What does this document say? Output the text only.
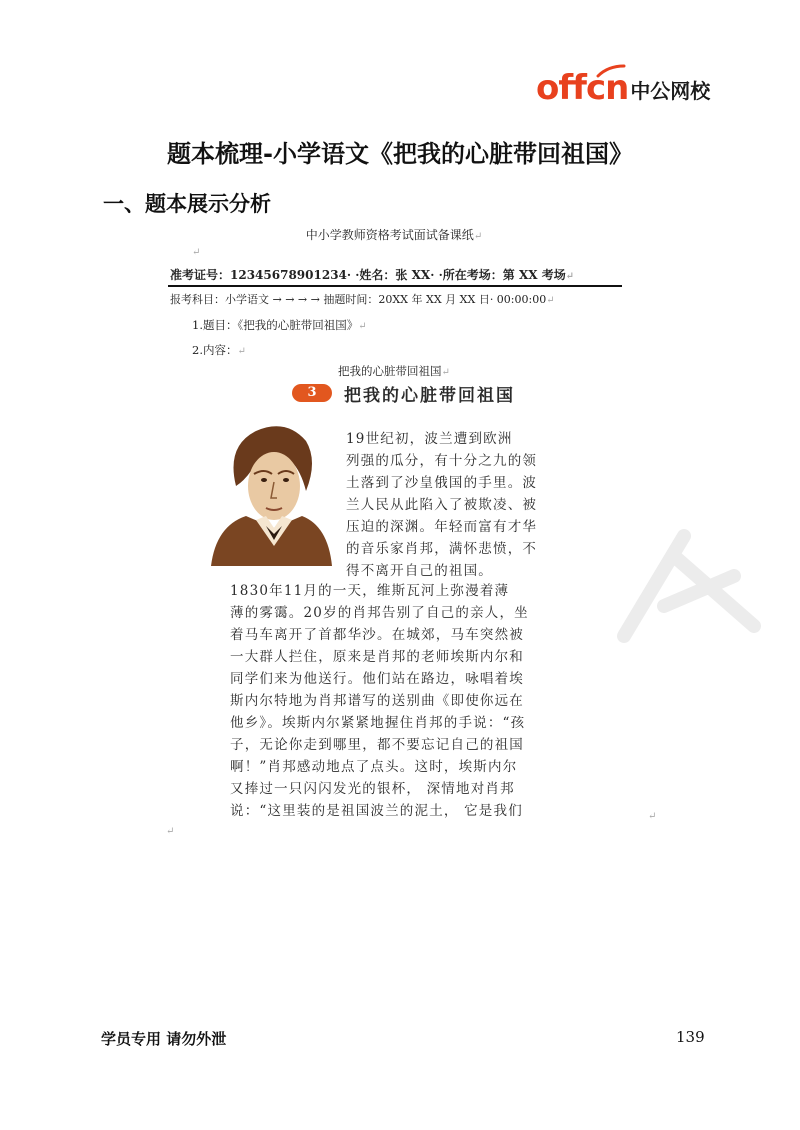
offcn 中公网校
题本梳理-小学语文《把我的心脏带回祖国》
一、题本展示分析
中小学教师资格考试面试备课纸↵
↵
准考证号：12345678901234· ·姓名：张 XX· ·所在考场：第 XX 考场↵
报考科目：小学语文 → → → → 抽题时间：20XX 年 XX 月 XX 日· 00:00:00↵
1.题目：《把我的心脏带回祖国》↵
2.内容：↵
把我的心脏带回祖国↵
3	把我的心脏带回祖国
19世纪初，波兰遭到欧洲
列强的瓜分，有十分之九的领
土落到了沙皇俄国的手里。波
兰人民从此陷入了被欺凌、被
压迫的深渊。年轻而富有才华
的音乐家肖邦，满怀悲愤，不
得不离开自己的祖国。
1830年11月的一天，维斯瓦河上弥漫着薄
薄的雾霭。20岁的肖邦告别了自己的亲人，坐
着马车离开了首都华沙。在城郊，马车突然被
一大群人拦住，原来是肖邦的老师埃斯内尔和
同学们来为他送行。他们站在路边，咏唱着埃
斯内尔特地为肖邦谱写的送别曲《即使你远在
他乡》。埃斯内尔紧紧地握住肖邦的手说：“孩
子，无论你走到哪里，都不要忘记自己的祖国
啊！”肖邦感动地点了点头。这时，埃斯内尔
又捧过一只闪闪发光的银杯， 深情地对肖邦
说：“这里装的是祖国波兰的泥土， 它是我们
↵
↵
学员专用 请勿外泄	139
